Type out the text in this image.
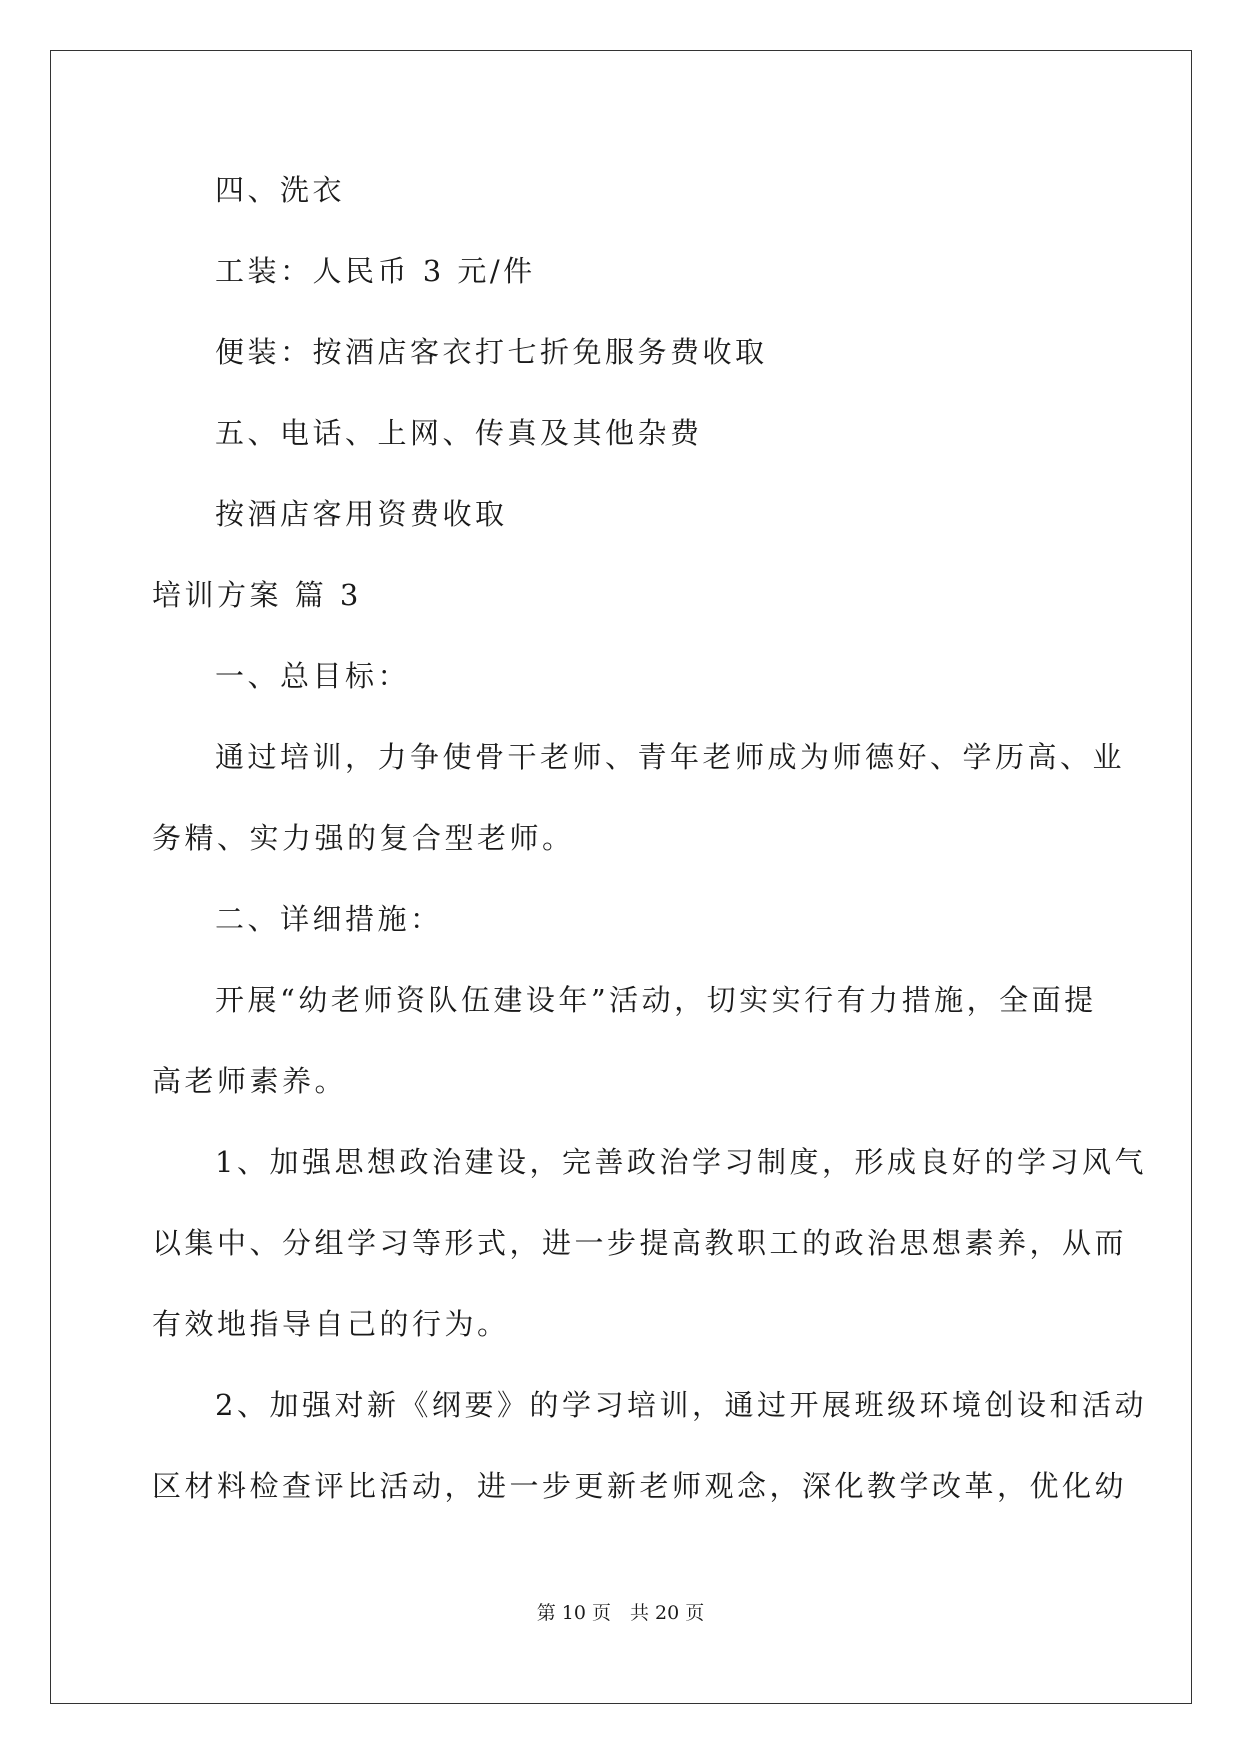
四、洗衣
工装：人民币 3 元/件
便装：按酒店客衣打七折免服务费收取
五、电话、上网、传真及其他杂费
按酒店客用资费收取
培训方案 篇 3
一、总目标：
通过培训，力争使骨干老师、青年老师成为师德好、学历高、业
务精、实力强的复合型老师。
二、详细措施：
开展“幼老师资队伍建设年”活动，切实实行有力措施，全面提
高老师素养。
1、加强思想政治建设，完善政治学习制度，形成良好的学习风气
以集中、分组学习等形式，进一步提高教职工的政治思想素养，从而
有效地指导自己的行为。
2、加强对新《纲要》的学习培训，通过开展班级环境创设和活动
区材料检查评比活动，进一步更新老师观念，深化教学改革，优化幼
第 10 页　共 20 页
